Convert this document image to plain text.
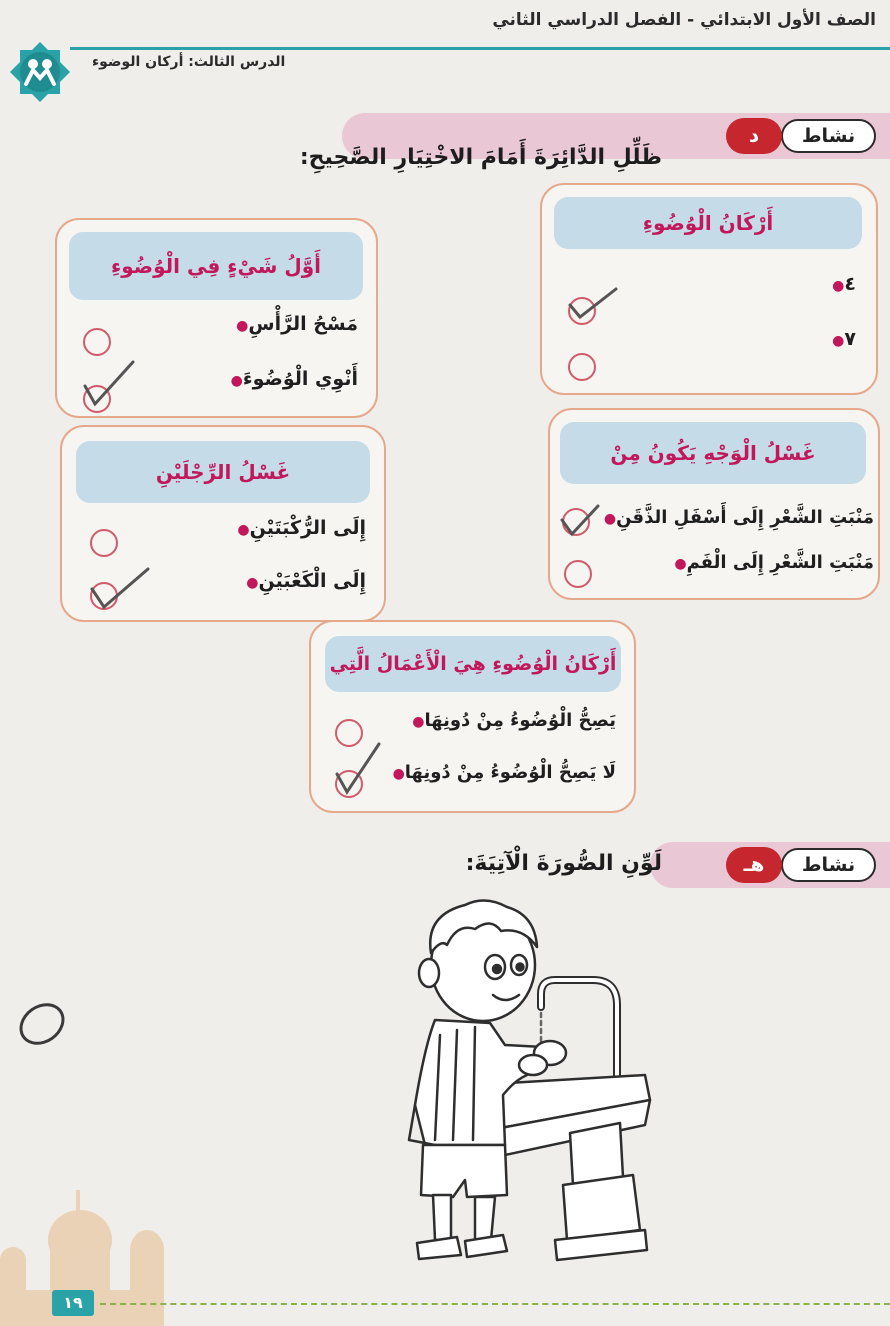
الصف الأول الابتدائي - الفصل الدراسي الثاني
الدرس الثالث: أركان الوضوء
نشاط
د
ظَلِّلِ الدَّائِرَةَ أَمَامَ الاخْتِيَارِ الصَّحِيحِ:
أَرْكَانُ الْوُضُوءِ
٤●
٧●
أَوَّلُ شَيْءٍ فِي الْوُضُوءِ
مَسْحُ الرَّأْسِ●
أَنْوِي الْوُضُوءَ●
غَسْلُ الْوَجْهِ يَكُونُ مِنْ
مَنْبَتِ الشَّعْرِ إِلَى أَسْفَلِ الذَّقَنِ●
مَنْبَتِ الشَّعْرِ إِلَى الْفَمِ●
غَسْلُ الرِّجْلَيْنِ
إِلَى الرُّكْبَتَيْنِ●
إِلَى الْكَعْبَيْنِ●
أَرْكَانُ الْوُضُوءِ هِيَ الْأَعْمَالُ الَّتِي
يَصِحُّ الْوُضُوءُ مِنْ دُونِهَا●
لَا يَصِحُّ الْوُضُوءُ مِنْ دُونِهَا●
نشاط
هـ
لَوِّنِ الصُّورَةَ الْآتِيَةَ:
١٩
